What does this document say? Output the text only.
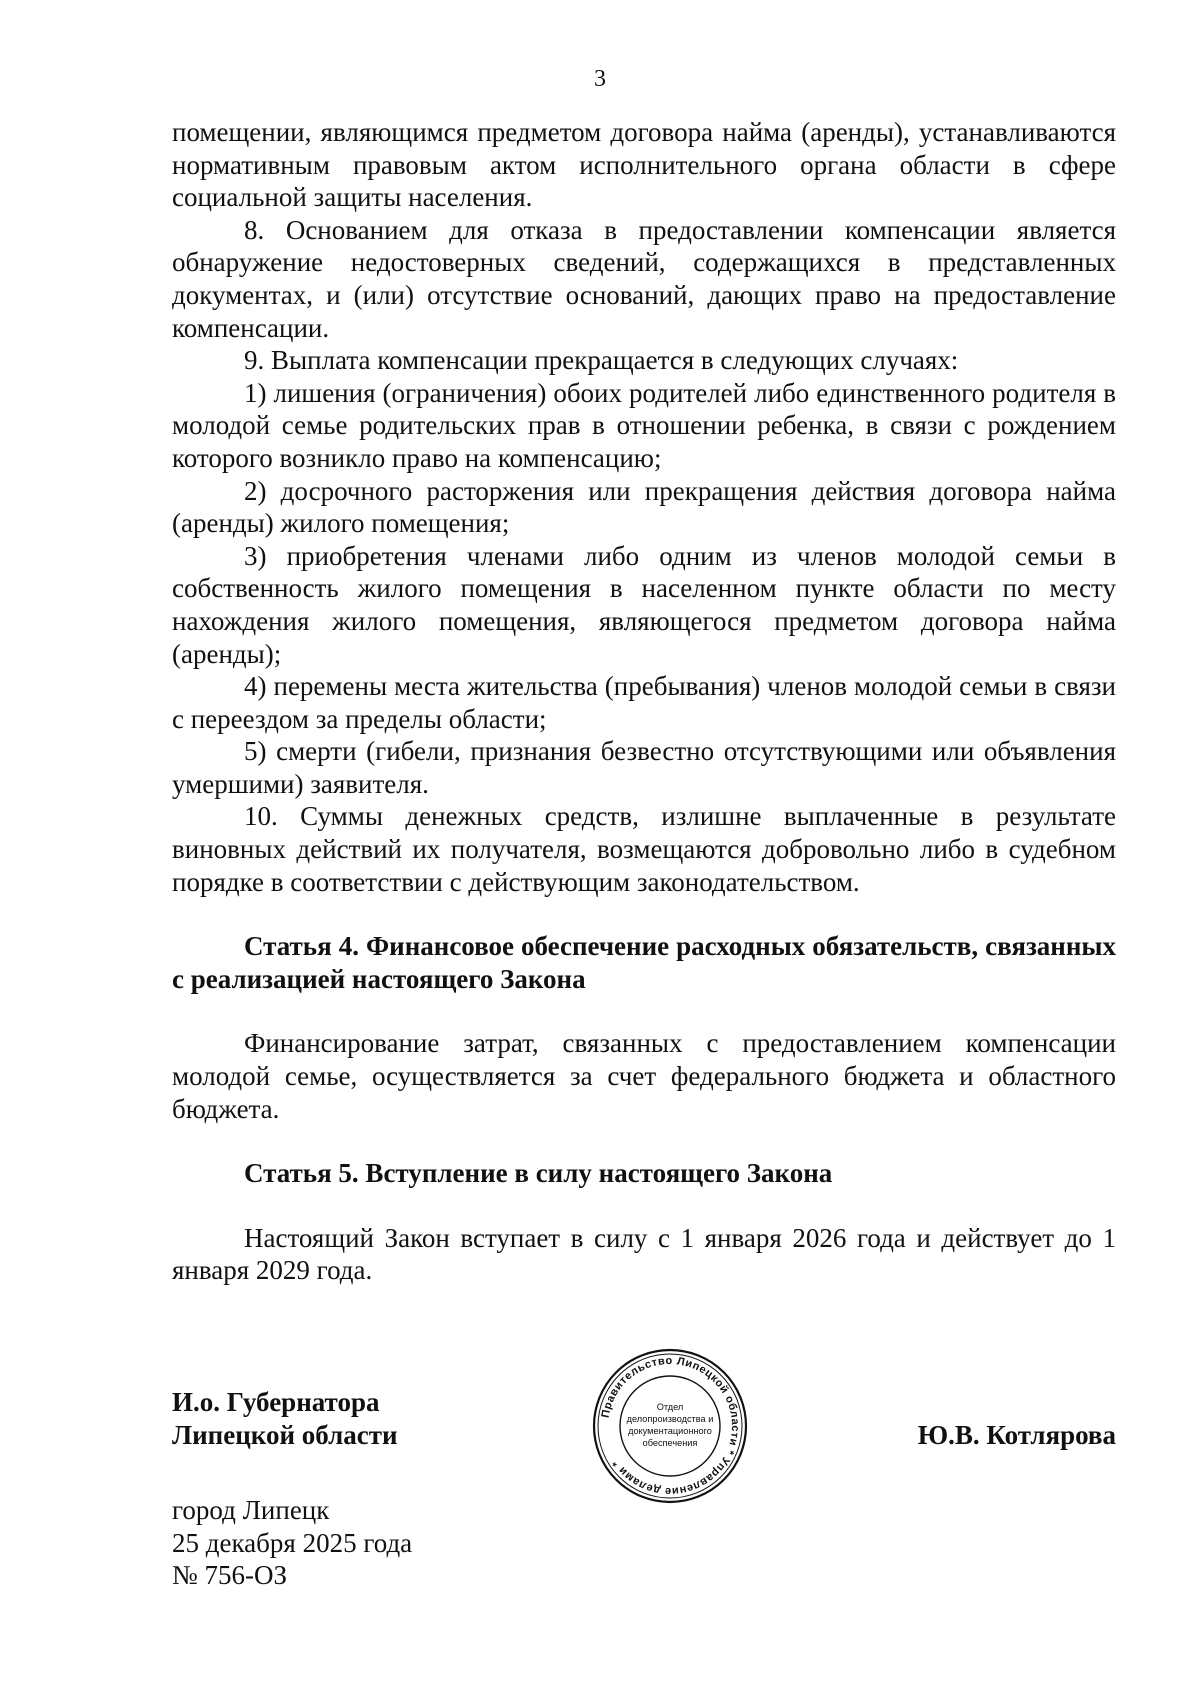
3

помещении, являющимся предметом договора найма (аренды), устанавливаются нормативным правовым актом исполнительного органа области в сфере социальной защиты населения.

8. Основанием для отказа в предоставлении компенсации является обнаружение недостоверных сведений, содержащихся в представленных документах, и (или) отсутствие оснований, дающих право на предоставление компенсации.

9. Выплата компенсации прекращается в следующих случаях:

1) лишения (ограничения) обоих родителей либо единственного родителя в молодой семье родительских прав в отношении ребенка, в связи с рождением которого возникло право на компенсацию;

2) досрочного расторжения или прекращения действия договора найма (аренды) жилого помещения;

3) приобретения членами либо одним из членов молодой семьи в собственность жилого помещения в населенном пункте области по месту нахождения жилого помещения, являющегося предметом договора найма (аренды);

4) перемены места жительства (пребывания) членов молодой семьи в связи с переездом за пределы области;

5) смерти (гибели, признания безвестно отсутствующими или объявления умершими) заявителя.

10. Суммы денежных средств, излишне выплаченные в результате виновных действий их получателя, возмещаются добровольно либо в судебном порядке в соответствии с действующим законодательством.

Статья 4. Финансовое обеспечение расходных обязательств, связанных с реализацией настоящего Закона

Финансирование затрат, связанных с предоставлением компенсации молодой семье, осуществляется за счет федерального бюджета и областного бюджета.

Статья 5. Вступление в силу настоящего Закона

Настоящий Закон вступает в силу с 1 января 2026 года и действует до 1 января 2029 года.

И.о. Губернатора

Липецкой области	Ю.В. Котлярова

Правительство Липецкой области * Управление делами *
Отдел
делопроизводства и
документационного
обеспечения

город Липецк

25 декабря 2025 года

№ 756-ОЗ
